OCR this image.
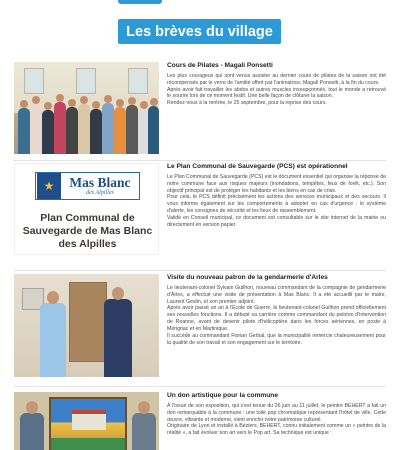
Les brèves du village
Cours de Pilates - Magali Ponsetti

Les plus courageux qui sont venus assister au dernier cours de pilates de la saison ont été récompensés par le verre de l'amitié offert par l'animatrice, Magali Ponsetti, à la fin du cours.

Après avoir fait travailler les abdos et autres muscles insoupçonnés, tout le monde a retrouvé le sourire lors de ce moment festif. Une belle façon de clôturer la saison.

Rendez-vous à la rentrée, le 25 septembre, pour la reprise des cours.

★	Mas Blanc
des Alpilles
Plan Communal de Sauvegarde de Mas Blanc des Alpilles
Le Plan Communal de Sauvegarde (PCS) est opérationnel

Le Plan Communal de Sauvegarde (PCS) est le document essentiel qui organise la réponse de notre commune face aux risques majeurs (inondations, tempêtes, feux de forêt, etc.). Son objectif principal est de protéger les habitants et les biens en cas de crise.

Pour cela, le PCS définit précisément les actions des services municipaux et des secours. Il vous informe également sur les comportements à adopter en cas d'urgence : le système d'alerte, les consignes de sécurité et les lieux de rassemblement.

Validé en Conseil municipal, ce document est consultable sur le site internet de la mairie ou directement en version papier.

Visite du nouveau patron de la gendarmerie d'Arles

Le lieutenant-colonel Sylvain Guilhon, nouveau commandant de la compagnie de gendarmerie d'Arles, a effectué une visite de présentation à Mas Blanc. Il a été accueilli par le maire, Laurent Geslin, et son premier adjoint.

Après avoir passé un an à l'École de Guerre, le lieutenant-colonel Guilhon prend officiellement ses nouvelles fonctions. Il a débuté sa carrière comme commandant du peloton d'intervention de Roanne, avant de devenir pilote d'hélicoptère dans les forces aériennes, en poste à Mérignac et en Martinique.

Il succède au commandant Florian Gerbal, que la municipalité remercie chaleureusement pour la qualité de son travail et son engagement sur le territoire.

Un don artistique pour la commune

À l'issue de son exposition, qui s'est tenue du 26 juin au 11 juillet, le peintre BEHERT a fait un don remarquable à la commune : une toile pop chromatique représentant l'hôtel de ville. Cette œuvre, vibrante et moderne, vient enrichir notre patrimoine culturel.

Originaire de Lyon et installé à Béziers, BEHERT, connu initialement comme un « peintre de la réalité », a fait évoluer son art vers le Pop art. Sa technique est unique :
